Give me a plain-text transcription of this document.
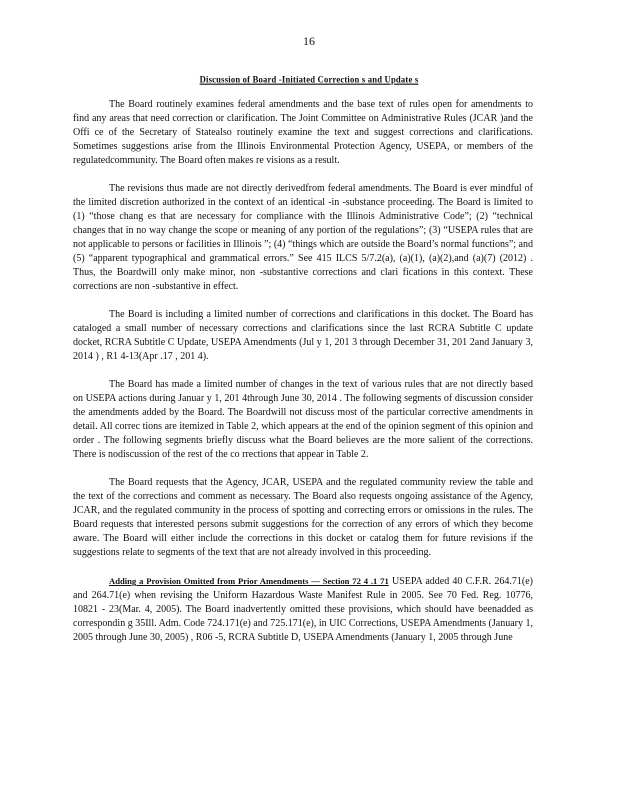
16
Discussion of Board -Initiated Correction s and Update s

The Board routinely examines federal amendments and the base text of rules open for amendments to find any areas that need correction or clarification. The Joint Committee on Administrative Rules (JCAR )and the Offi ce of the Secretary of Statealso routinely examine the text and suggest corrections and clarifications. Sometimes suggestions arise from the Illinois Environmental Protection Agency, USEPA, or members of the regulatedcommunity. The Board often makes re visions as a result.

The revisions thus made are not directly derivedfrom federal amendments. The Board is ever mindful of the limited discretion authorized in the context of an identical -in -substance proceeding. The Board is limited to (1) “those chang es that are necessary for compliance with the Illinois Administrative Code”; (2) “technical changes that in no way change the scope or meaning of any portion of the regulations”; (3) “USEPA rules that are not applicable to persons or facilities in Illinois ”; (4) “things which are outside the Board’s normal functions”; and (5) “apparent typographical and grammatical errors.” See 415 ILCS 5/7.2(a), (a)(1), (a)(2),and (a)(7) (2012) . Thus, the Boardwill only make minor, non -substantive corrections and clari fications in this context. These corrections are non -substantive in effect.

The Board is including a limited number of corrections and clarifications in this docket. The Board has cataloged a small number of necessary corrections and clarifications since the last RCRA Subtitle C update docket, RCRA Subtitle C Update, USEPA Amendments (Jul y 1, 201 3 through December 31, 201 2and January 3, 2014 ) , R1 4-13(Apr .17 , 201 4).

The Board has made a limited number of changes in the text of various rules that are not directly based on USEPA actions during Januar y 1, 201 4through June 30, 2014 . The following segments of discussion consider the amendments added by the Board. The Boardwill not discuss most of the particular corrective amendments in detail. All correc tions are itemized in Table 2, which appears at the end of the opinion segment of this opinion and order . The following segments briefly discuss what the Board believes are the more salient of the corrections. There is nodiscussion of the rest of the co rrections that appear in Table 2.

The Board requests that the Agency, JCAR, USEPA and the regulated community review the table and the text of the corrections and comment as necessary. The Board also requests ongoing assistance of the Agency, JCAR, and the regulated community in the process of spotting and correcting errors or omissions in the rules. The Board requests that interested persons submit suggestions for the correction of any errors of which they become aware. The Board will either include the corrections in this docket or catalog them for future revisions if the suggestions relate to segments of the text that are not already involved in this proceeding.

Adding a Provision Omitted from Prior Amendments — Section 72 4 .1 71 USEPA added 40 C.F.R. 264.71(e) and 264.71(e) when revising the Uniform Hazardous Waste Manifest Rule in 2005. See 70 Fed. Reg. 10776, 10821 - 23(Mar. 4, 2005). The Board inadvertently omitted these provisions, which should have beenadded as correspondin g 35Ill. Adm. Code 724.171(e) and 725.171(e), in UIC Corrections, USEPA Amendments (January 1, 2005 through June 30, 2005) , R06 -5, RCRA Subtitle D, USEPA Amendments (January 1, 2005 through June
